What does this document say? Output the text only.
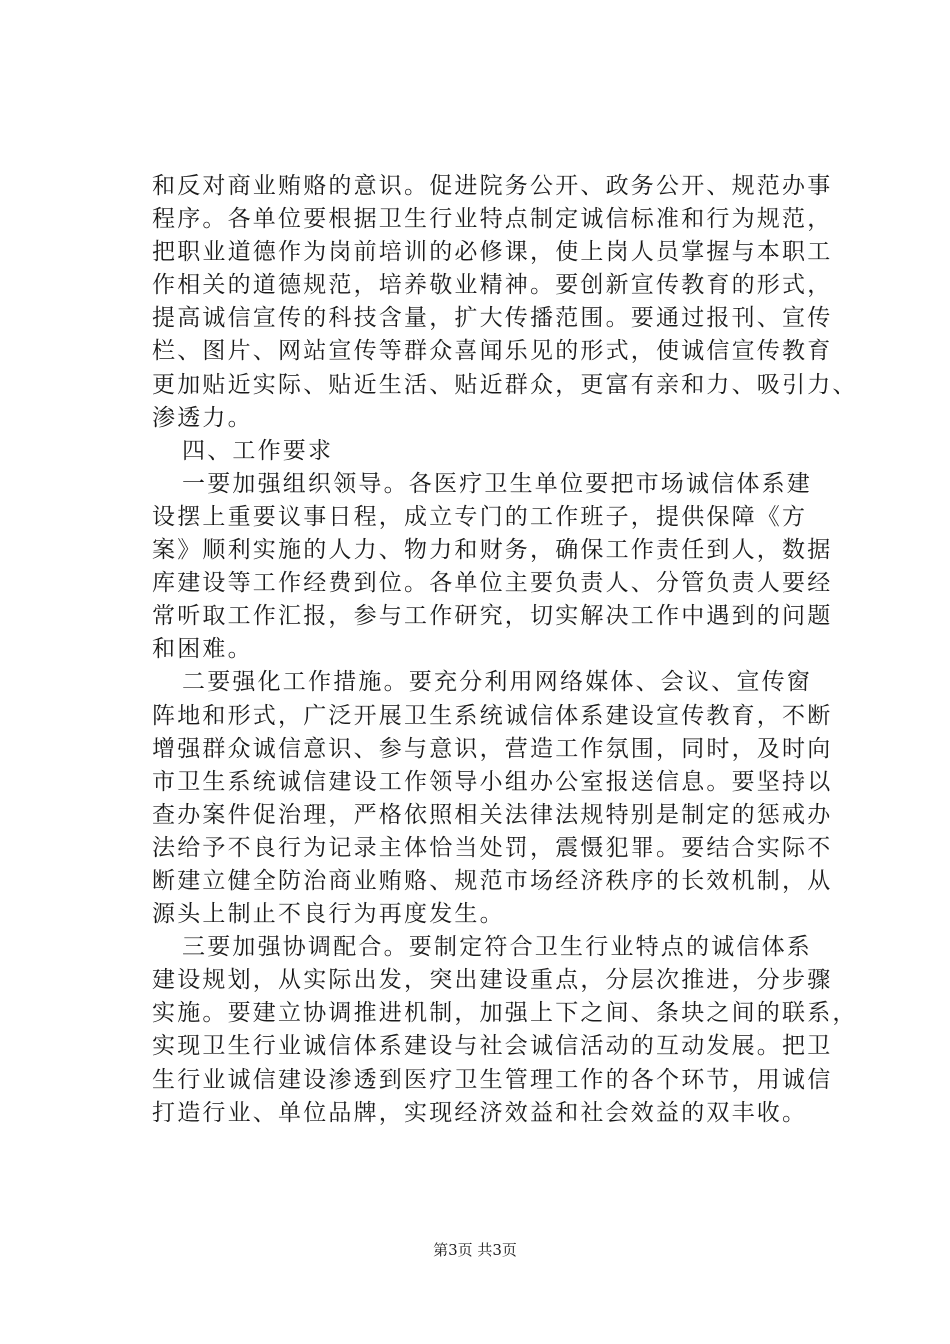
和反对商业贿赂的意识。促进院务公开、政务公开、规范办事
程序。各单位要根据卫生行业特点制定诚信标准和行为规范，
把职业道德作为岗前培训的必修课，使上岗人员掌握与本职工
作相关的道德规范，培养敬业精神。要创新宣传教育的形式，
提高诚信宣传的科技含量，扩大传播范围。要通过报刊、宣传
栏、图片、网站宣传等群众喜闻乐见的形式，使诚信宣传教育
更加贴近实际、贴近生活、贴近群众，更富有亲和力、吸引力、
渗透力。
四、工作要求
一要加强组织领导。各医疗卫生单位要把市场诚信体系建
设摆上重要议事日程，成立专门的工作班子，提供保障《方
案》顺利实施的人力、物力和财务，确保工作责任到人，数据
库建设等工作经费到位。各单位主要负责人、分管负责人要经
常听取工作汇报，参与工作研究，切实解决工作中遇到的问题
和困难。
二要强化工作措施。要充分利用网络媒体、会议、宣传窗
阵地和形式，广泛开展卫生系统诚信体系建设宣传教育，不断
增强群众诚信意识、参与意识，营造工作氛围，同时，及时向
市卫生系统诚信建设工作领导小组办公室报送信息。要坚持以
查办案件促治理，严格依照相关法律法规特别是制定的惩戒办
法给予不良行为记录主体恰当处罚，震慑犯罪。要结合实际不
断建立健全防治商业贿赂、规范市场经济秩序的长效机制，从
源头上制止不良行为再度发生。
三要加强协调配合。要制定符合卫生行业特点的诚信体系
建设规划，从实际出发，突出建设重点，分层次推进，分步骤
实施。要建立协调推进机制，加强上下之间、条块之间的联系，
实现卫生行业诚信体系建设与社会诚信活动的互动发展。把卫
生行业诚信建设渗透到医疗卫生管理工作的各个环节，用诚信
打造行业、单位品牌，实现经济效益和社会效益的双丰收。
第3页 共3页
